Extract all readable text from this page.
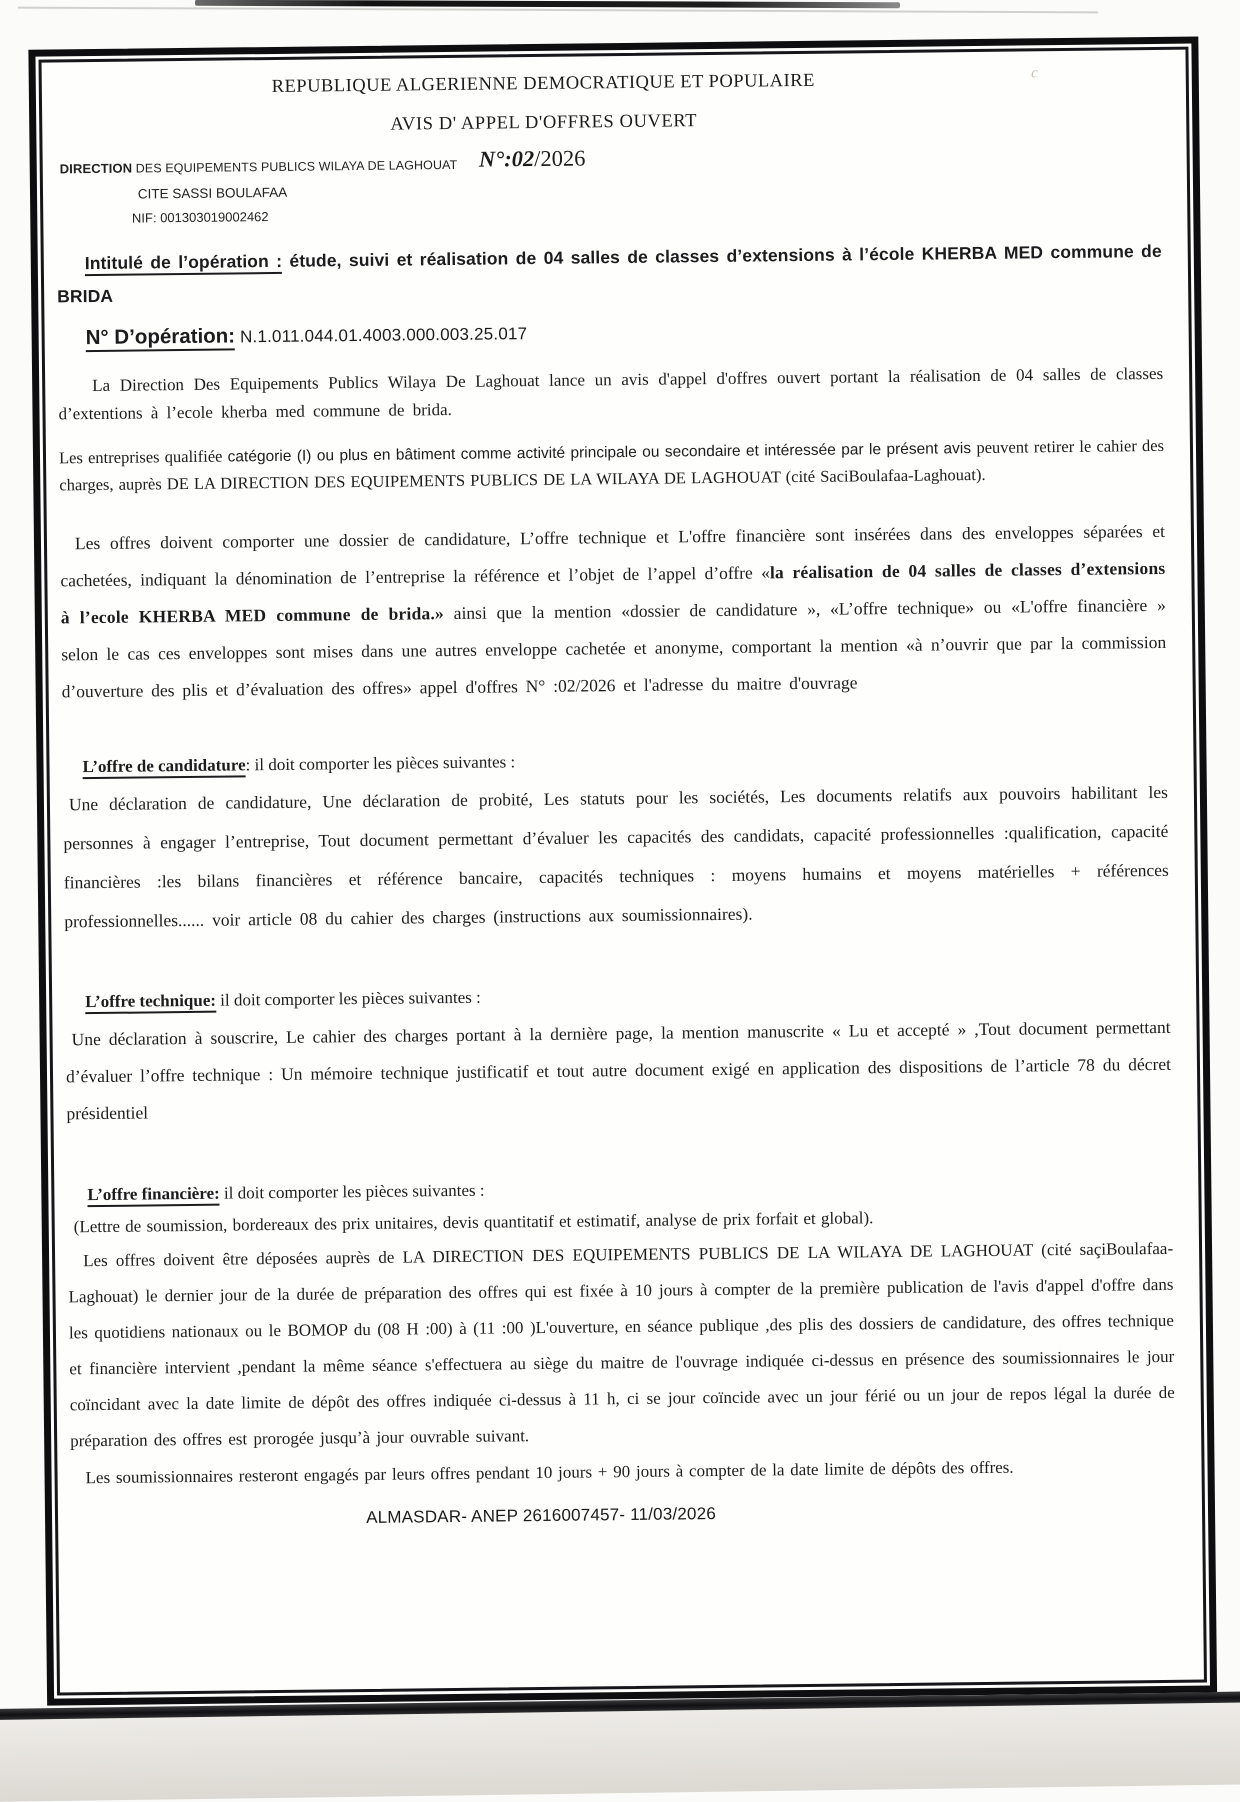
c
REPUBLIQUE ALGERIENNE DEMOCRATIQUE ET POPULAIRE
AVIS D' APPEL D'OFFRES OUVERT
N°:02/2026
DIRECTION DES EQUIPEMENTS PUBLICS WILAYA DE LAGHOUAT
CITE SASSI BOULAFAA
NIF: 001303019002462
Intitulé de l’opération : étude, suivi et réalisation de 04 salles de classes d’extensions à l’école KHERBA MED commune de BRIDA
N° D’opération: N.1.011.044.01.4003.000.003.25.017
La Direction Des Equipements Publics Wilaya De Laghouat lance un avis d'appel d'offres ouvert portant la réalisation de 04 salles de classes d’extentions à l’ecole kherba med commune de brida.
Les entreprises qualifiée catégorie (I) ou plus en bâtiment comme activité principale ou secondaire et intéressée par le présent avis peuvent retirer le cahier des charges, auprès DE LA DIRECTION DES EQUIPEMENTS PUBLICS DE LA WILAYA DE LAGHOUAT (cité SaciBoulafaa-Laghouat).
Les offres doivent comporter une dossier de candidature, L’offre technique et L'offre financière sont insérées dans des enveloppes séparées et cachetées, indiquant la dénomination de l’entreprise la référence et l’objet de l’appel d’offre «la réalisation de 04 salles de classes d’extensions à l’ecole KHERBA MED commune de brida.» ainsi que la mention «dossier de candidature », «L’offre technique» ou «L'offre financière » selon le cas ces enveloppes sont mises dans une autres enveloppe cachetée et anonyme, comportant la mention «à n’ouvrir que par la commission d’ouverture des plis et d’évaluation des offres» appel d'offres N° :02/2026 et l'adresse du maitre d'ouvrage
L’offre de candidature: il doit comporter les pièces suivantes :
Une déclaration de candidature, Une déclaration de probité, Les statuts pour les sociétés, Les documents relatifs aux pouvoirs habilitant les personnes à engager l’entreprise, Tout document permettant d’évaluer les capacités des candidats, capacité professionnelles :qualification, capacité financières :les bilans financières et référence bancaire, capacités techniques : moyens humains et moyens matérielles + références professionnelles...... voir article 08 du cahier des charges (instructions aux soumissionnaires).
L’offre technique: il doit comporter les pièces suivantes :
Une déclaration à souscrire, Le cahier des charges portant à la dernière page, la mention manuscrite « Lu et accepté » ,Tout document permettant d’évaluer l’offre technique : Un mémoire technique justificatif et tout autre document exigé en application des dispositions de l’article 78 du décret présidentiel
L’offre financière: il doit comporter les pièces suivantes :
(Lettre de soumission, bordereaux des prix unitaires, devis quantitatif et estimatif, analyse de prix forfait et global).
Les offres doivent être déposées auprès de LA DIRECTION DES EQUIPEMENTS PUBLICS DE LA WILAYA DE LAGHOUAT (cité saçiBoulafaa-Laghouat) le dernier jour de la durée de préparation des offres qui est fixée à 10 jours à compter de la première publication de l'avis d'appel d'offre dans les quotidiens nationaux ou le BOMOP du (08 H :00) à (11 :00 )L'ouverture, en séance publique ,des plis des dossiers de candidature, des offres technique et financière intervient ,pendant la même séance s'effectuera au siège du maitre de l'ouvrage indiquée ci-dessus en présence des soumissionnaires le jour coïncidant avec la date limite de dépôt des offres indiquée ci-dessus à 11 h, ci se jour coïncide avec un jour férié ou un jour de repos légal la durée de préparation des offres est prorogée jusqu’à jour ouvrable suivant.
Les soumissionnaires resteront engagés par leurs offres pendant 10 jours + 90 jours à compter de la date limite de dépôts des offres.
ALMASDAR- ANEP 2616007457- 11/03/2026
